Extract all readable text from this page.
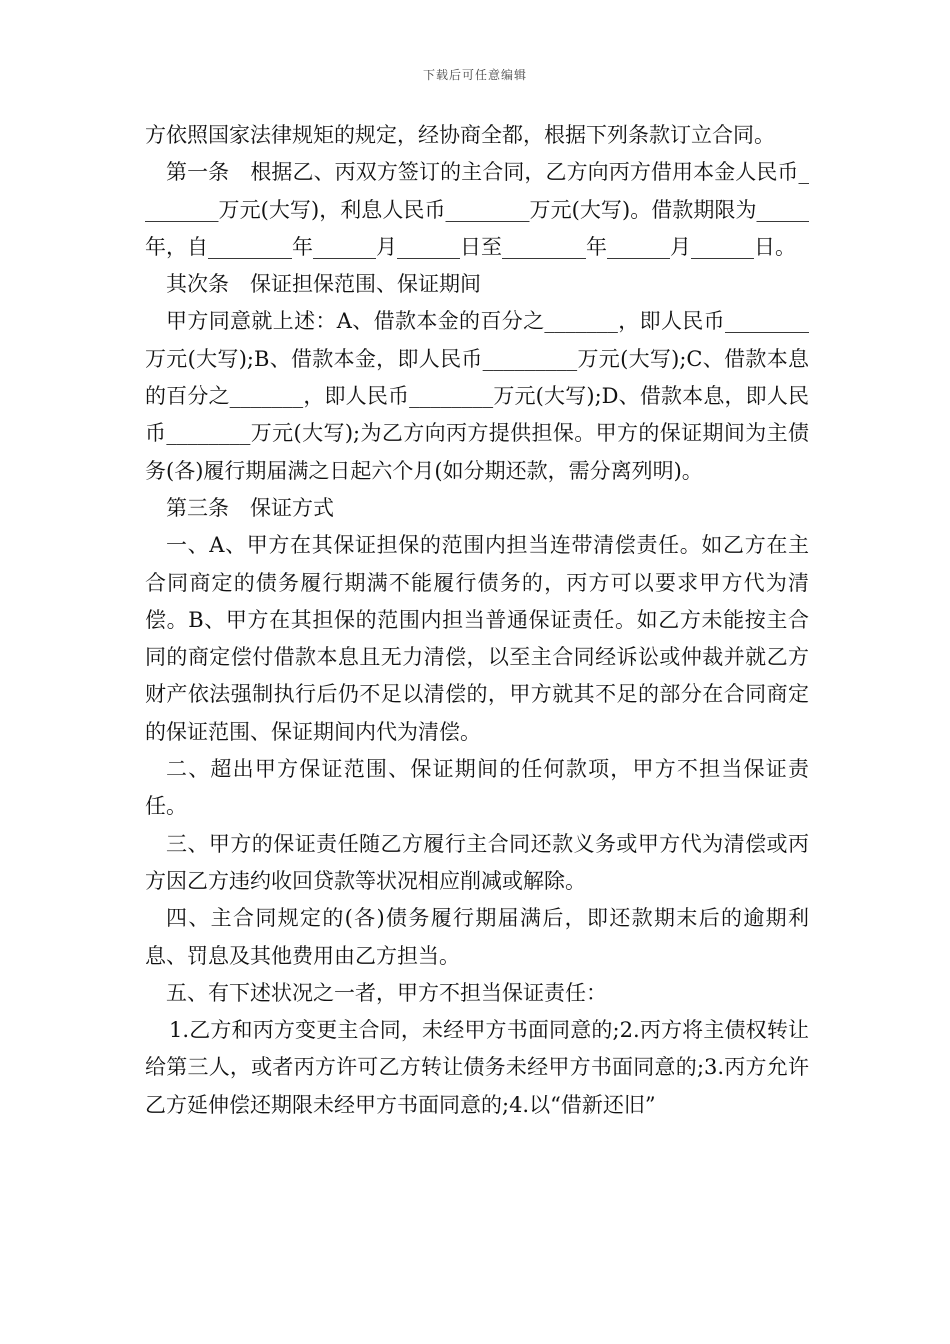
下载后可任意编辑

方依照国家法律规矩的规定，经协商全都，根据下列条款订立合同。

第一条　根据乙、丙双方签订的主合同，乙方向丙方借用本金人民币________万元(大写)，利息人民币________万元(大写)。借款期限为_____年，自________年______月______日至________年______月______日。

其次条　保证担保范围、保证期间

甲方同意就上述：A、借款本金的百分之_______，即人民币________万元(大写);B、借款本金，即人民币_________万元(大写);C、借款本息的百分之_______，即人民币________万元(大写);D、借款本息，即人民币________万元(大写);为乙方向丙方提供担保。甲方的保证期间为主债务(各)履行期届满之日起六个月(如分期还款，需分离列明)。

第三条　保证方式

一、A、甲方在其保证担保的范围内担当连带清偿责任。如乙方在主合同商定的债务履行期满不能履行债务的，丙方可以要求甲方代为清偿。B、甲方在其担保的范围内担当普通保证责任。如乙方未能按主合同的商定偿付借款本息且无力清偿，以至主合同经诉讼或仲裁并就乙方财产依法强制执行后仍不足以清偿的，甲方就其不足的部分在合同商定的保证范围、保证期间内代为清偿。

二、超出甲方保证范围、保证期间的任何款项，甲方不担当保证责任。

三、甲方的保证责任随乙方履行主合同还款义务或甲方代为清偿或丙方因乙方违约收回贷款等状况相应削减或解除。

四、主合同规定的(各)债务履行期届满后，即还款期末后的逾期利息、罚息及其他费用由乙方担当。

五、有下述状况之一者，甲方不担当保证责任：

1.乙方和丙方变更主合同，未经甲方书面同意的;2.丙方将主债权转让给第三人，或者丙方许可乙方转让债务未经甲方书面同意的;3.丙方允许乙方延伸偿还期限未经甲方书面同意的;4.以“借新还旧”
